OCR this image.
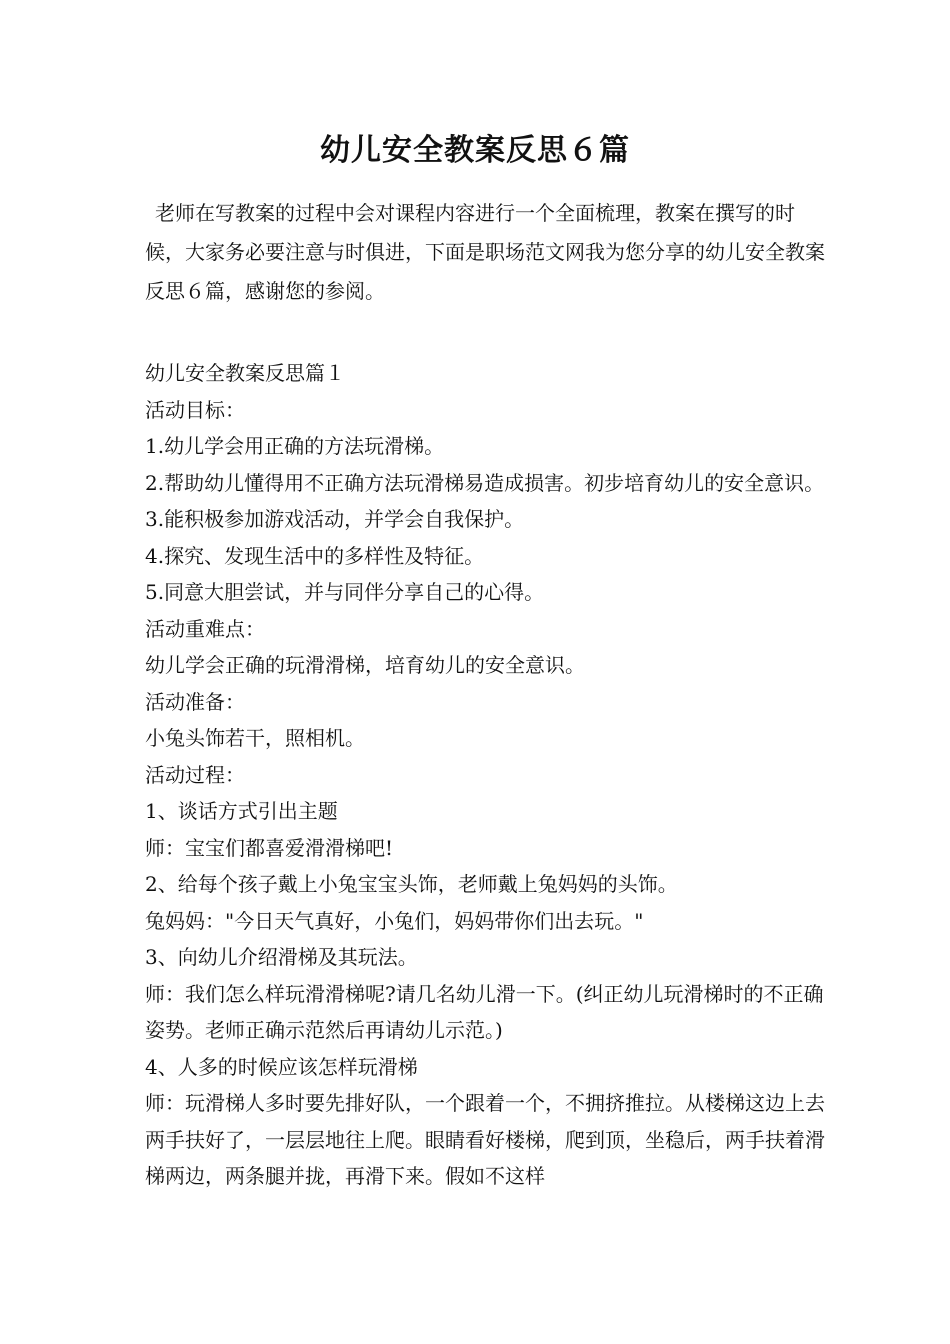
幼儿安全教案反思６篇

老师在写教案的过程中会对课程内容进行一个全面梳理，教案在撰写的时候，大家务必要注意与时俱进，下面是职场范文网我为您分享的幼儿安全教案反思６篇，感谢您的参阅。

幼儿安全教案反思篇１

活动目标：

1.幼儿学会用正确的方法玩滑梯。

2.帮助幼儿懂得用不正确方法玩滑梯易造成损害。初步培育幼儿的安全意识。

3.能积极参加游戏活动，并学会自我保护。

4.探究、发现生活中的多样性及特征。

5.同意大胆尝试，并与同伴分享自己的心得。

活动重难点：

幼儿学会正确的玩滑滑梯，培育幼儿的安全意识。

活动准备：

小兔头饰若干，照相机。

活动过程：

1、谈话方式引出主题

师：宝宝们都喜爱滑滑梯吧!

2、给每个孩子戴上小兔宝宝头饰，老师戴上兔妈妈的头饰。

兔妈妈："今日天气真好，小兔们，妈妈带你们出去玩。"

3、向幼儿介绍滑梯及其玩法。

师：我们怎么样玩滑滑梯呢?请几名幼儿滑一下。(纠正幼儿玩滑梯时的不正确姿势。老师正确示范然后再请幼儿示范。)

4、人多的时候应该怎样玩滑梯

师：玩滑梯人多时要先排好队，一个跟着一个，不拥挤推拉。从楼梯这边上去两手扶好了，一层层地往上爬。眼睛看好楼梯，爬到顶，坐稳后，两手扶着滑梯两边，两条腿并拢，再滑下来。假如不这样
